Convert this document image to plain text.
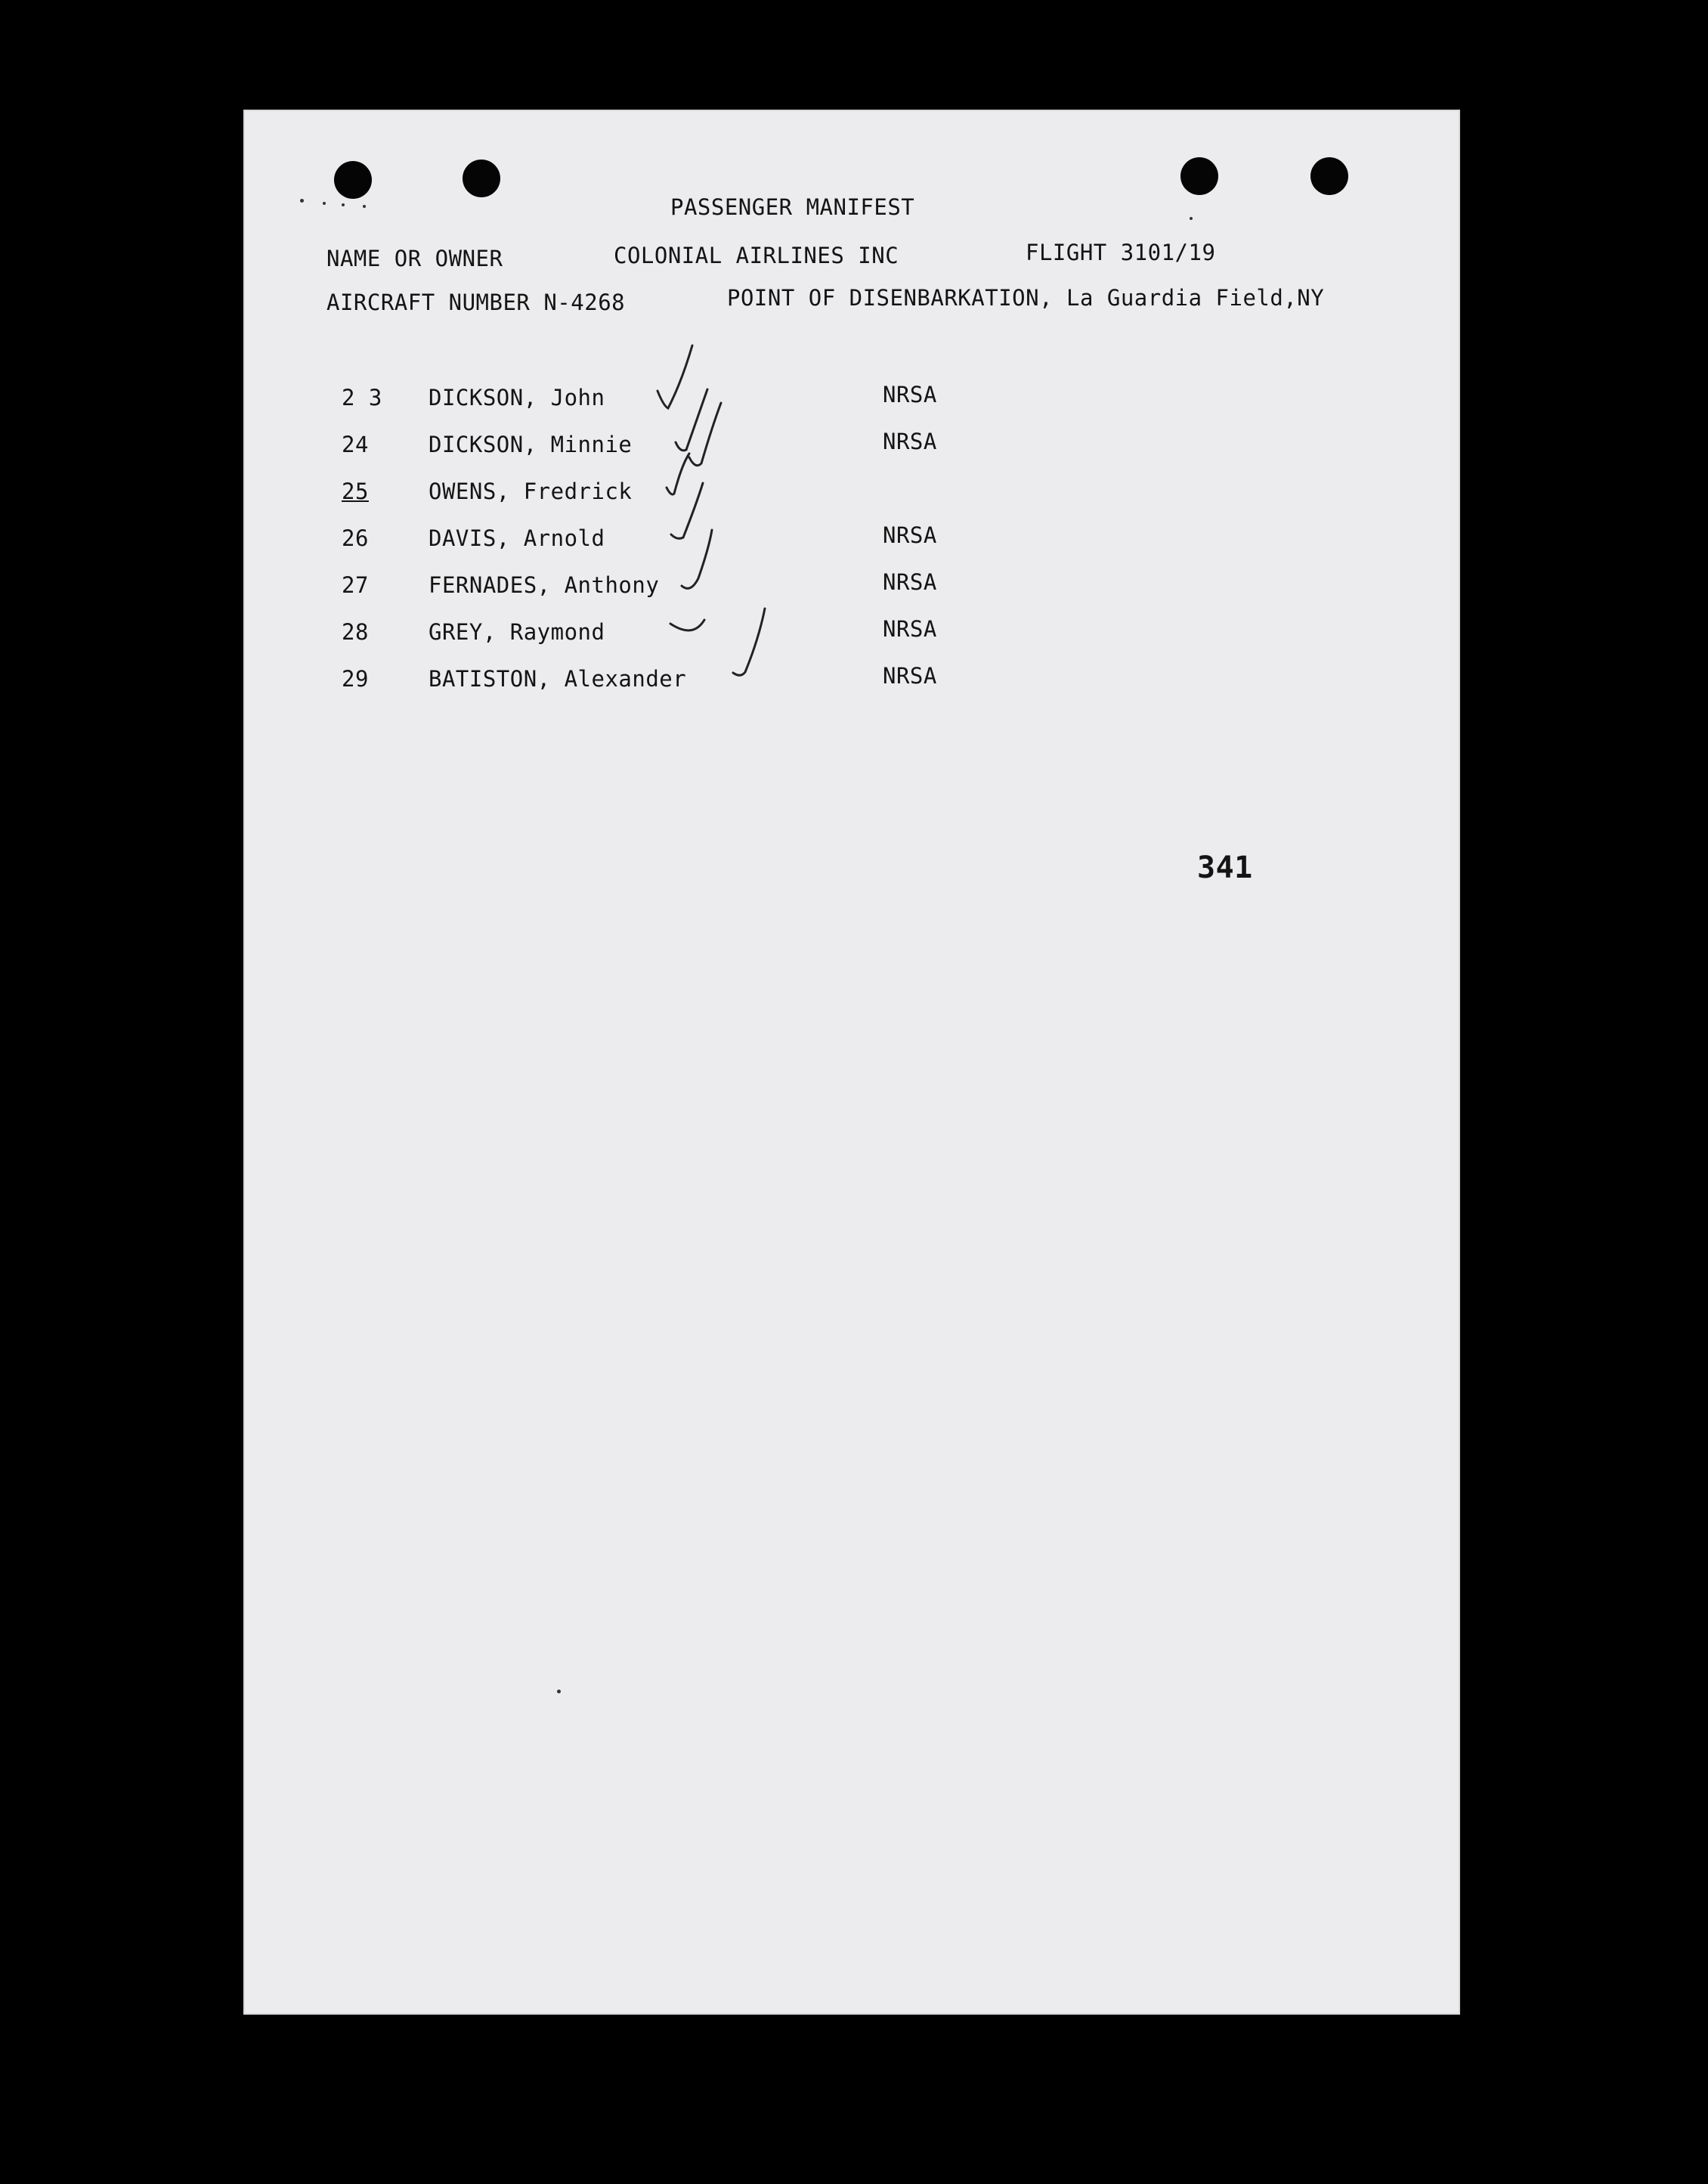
PASSENGER MANIFEST
NAME OR OWNER	COLONIAL AIRLINES INC	FLIGHT 3101/19
AIRCRAFT NUMBER N-4268	POINT OF DISENBARKATION, La Guardia Field,NY
2 3 DICKSON, John	NRSA
24	DICKSON, Minnie	NRSA
25	OWENS, Fredrick
26	DAVIS, Arnold	NRSA
27	FERNADES, Anthony	NRSA
28	GREY, Raymond	NRSA
29	BATISTON, Alexander	NRSA
341
